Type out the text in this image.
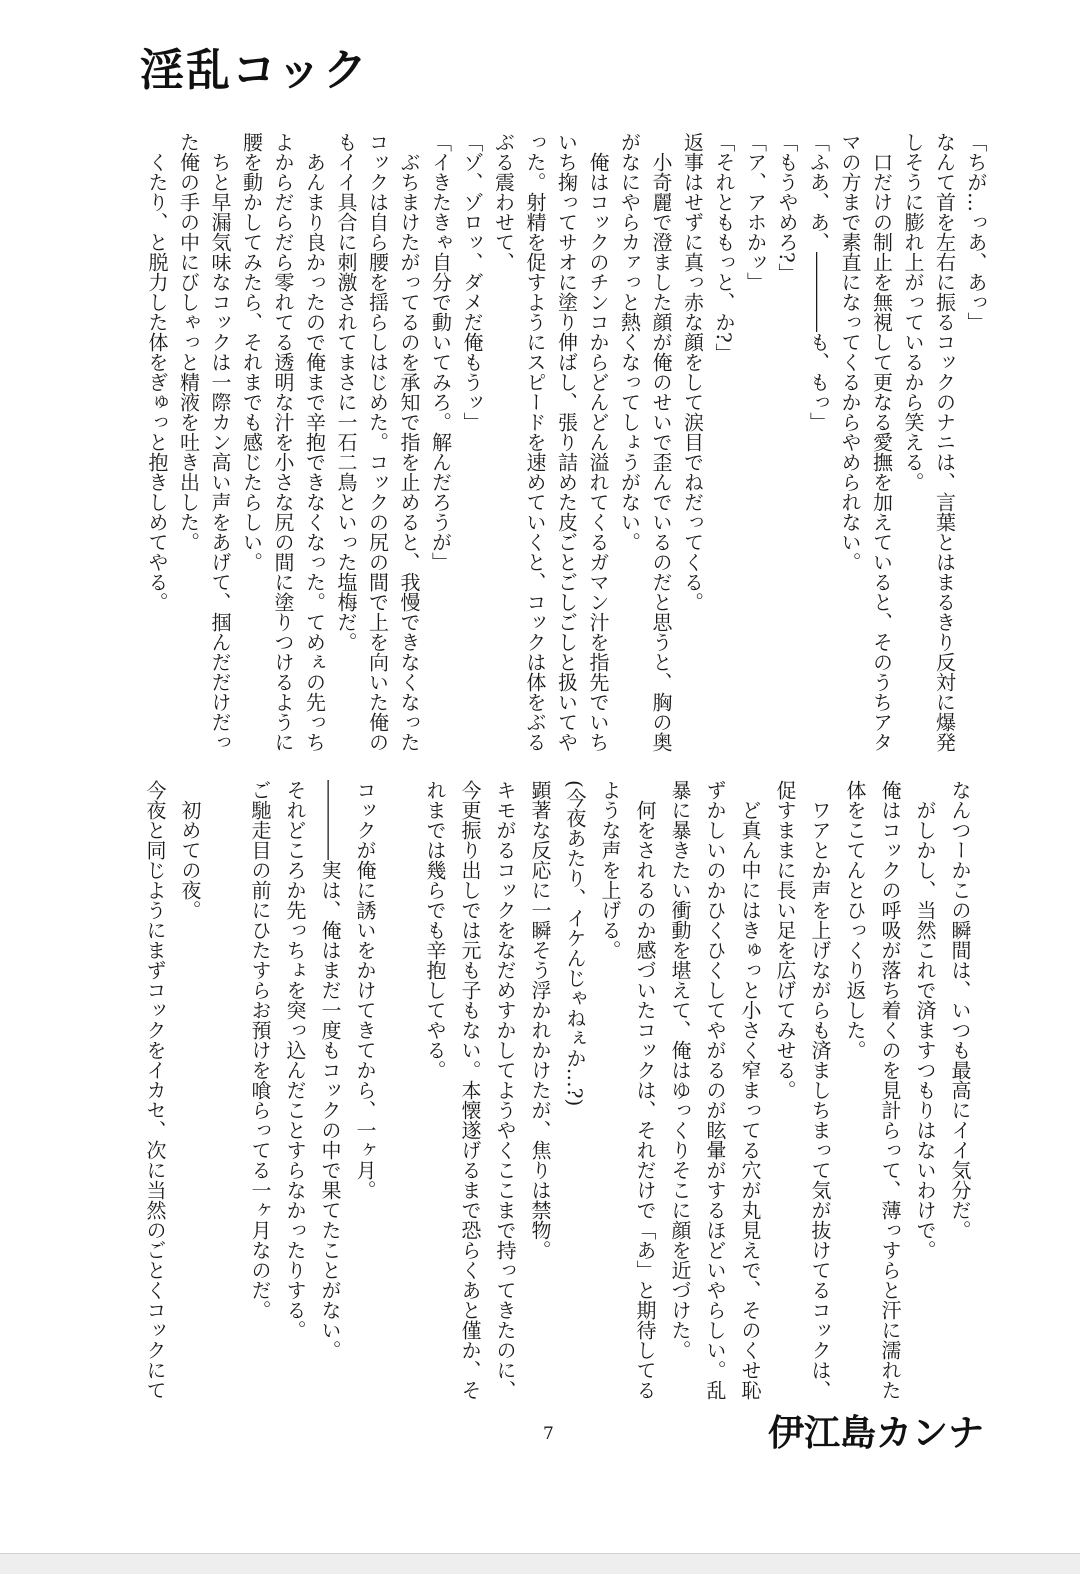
淫乱コック
「ちが…っあ、あっ」
なんて首を左右に振るコックのナニは、言葉とはまるきり反対に爆発
しそうに膨れ上がっているから笑える。
　口だけの制止を無視して更なる愛撫を加えていると、そのうちアタ
マの方まで素直になってくるからやめられない。
「ふあ、あ、――――も、もっ」
「もうやめろ?」
「ア、アホかッ」
「それとももっと、か?」
返事はせずに真っ赤な顔をして涙目でねだってくる。
　小奇麗で澄ました顔が俺のせいで歪んでいるのだと思うと、胸の奥
がなにやらカァっと熱くなってしょうがない。
　俺はコックのチンコからどんどん溢れてくるガマン汁を指先でいち
いち掬ってサオに塗り伸ばし、張り詰めた皮ごとごしごしと扱いてや
った。射精を促すようにスピードを速めていくと、コックは体をぶる
ぶる震わせて、
「ゾ、ゾロッ、ダメだ俺もうッ」
「イきたきゃ自分で動いてみろ。解んだろうが」
　ぶちまけたがってるのを承知で指を止めると、我慢できなくなった
コックは自ら腰を揺らしはじめた。コックの尻の間で上を向いた俺の
もイイ具合に刺激されてまさに一石二鳥といった塩梅だ。
　あんまり良かったので俺まで辛抱できなくなった。てめぇの先っち
よからだらだら零れてる透明な汁を小さな尻の間に塗りつけるように
腰を動かしてみたら、それまでも感じたらしい。
　ちと早漏気味なコックは一際カン高い声をあげて、掴んだだけだっ
た俺の手の中にびしゃっと精液を吐き出した。
　くたり、と脱力した体をぎゅっと抱きしめてやる。
なんつーかこの瞬間は、いつも最高にイイ気分だ。
　がしかし、当然これで済ますつもりはないわけで。
俺はコックの呼吸が落ち着くのを見計らって、薄っすらと汗に濡れた
体をこてんとひっくり返した。
　ワアとか声を上げながらも済ましちまって気が抜けてるコックは、
促すままに長い足を広げてみせる。
　ど真ん中にはきゅっと小さく窄まってる穴が丸見えで、そのくせ恥
ずかしいのかひくひくしてやがるのが眩暈がするほどいやらしい。乱
暴に暴きたい衝動を堪えて、俺はゆっくりそこに顔を近づけた。
　何をされるのか感づいたコックは、それだけで「あ」と期待してる
ような声を上げる。
(今夜あたり、イケんじゃねぇか…?)
顕著な反応に一瞬そう浮かれかけたが、焦りは禁物。
キモがるコックをなだめすかしてようやくここまで持ってきたのに、
今更振り出しでは元も子もない。本懐遂げるまで恐らくあと僅か、そ
れまでは幾らでも辛抱してやる。

コックが俺に誘いをかけてきてから、一ヶ月。
――――実は、俺はまだ一度もコックの中で果てたことがない。
それどころか先っちょを突っ込んだことすらなかったりする。
ご馳走目の前にひたすらお預けを喰らってる一ヶ月なのだ。

　初めての夜。
今夜と同じようにまずコックをイカセ、次に当然のごとくコックにて
7	伊江島カンナ
